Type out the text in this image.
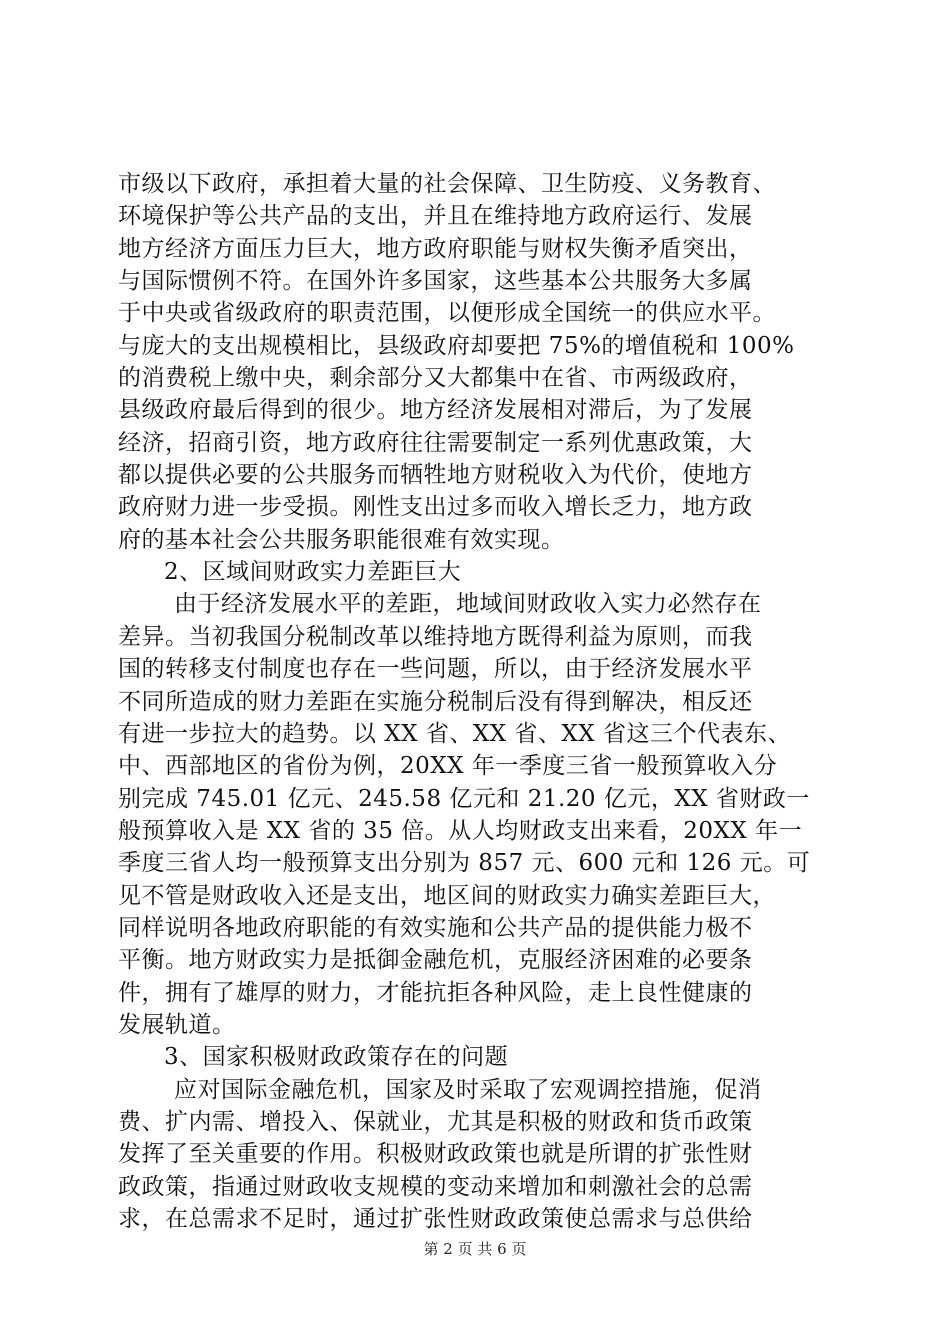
市级以下政府，承担着大量的社会保障、卫生防疫、义务教育、
环境保护等公共产品的支出，并且在维持地方政府运行、发展
地方经济方面压力巨大，地方政府职能与财权失衡矛盾突出，
与国际惯例不符。在国外许多国家，这些基本公共服务大多属
于中央或省级政府的职责范围，以便形成全国统一的供应水平。
与庞大的支出规模相比，县级政府却要把 75%的增值税和 100%
的消费税上缴中央，剩余部分又大都集中在省、市两级政府，
县级政府最后得到的很少。地方经济发展相对滞后，为了发展
经济，招商引资，地方政府往往需要制定一系列优惠政策，大
都以提供必要的公共服务而牺牲地方财税收入为代价，使地方
政府财力进一步受损。刚性支出过多而收入增长乏力，地方政
府的基本社会公共服务职能很难有效实现。
2、区域间财政实力差距巨大
由于经济发展水平的差距，地域间财政收入实力必然存在
差异。当初我国分税制改革以维持地方既得利益为原则，而我
国的转移支付制度也存在一些问题，所以，由于经济发展水平
不同所造成的财力差距在实施分税制后没有得到解决，相反还
有进一步拉大的趋势。以 XX 省、XX 省、XX 省这三个代表东、
中、西部地区的省份为例，20XX 年一季度三省一般预算收入分
别完成 745.01 亿元、245.58 亿元和 21.20 亿元，XX 省财政一
般预算收入是 XX 省的 35 倍。从人均财政支出来看，20XX 年一
季度三省人均一般预算支出分别为 857 元、600 元和 126 元。可
见不管是财政收入还是支出，地区间的财政实力确实差距巨大，
同样说明各地政府职能的有效实施和公共产品的提供能力极不
平衡。地方财政实力是抵御金融危机，克服经济困难的必要条
件，拥有了雄厚的财力，才能抗拒各种风险，走上良性健康的
发展轨道。
3、国家积极财政政策存在的问题
应对国际金融危机，国家及时采取了宏观调控措施，促消
费、扩内需、增投入、保就业，尤其是积极的财政和货币政策
发挥了至关重要的作用。积极财政政策也就是所谓的扩张性财
政政策，指通过财政收支规模的变动来增加和刺激社会的总需
求，在总需求不足时，通过扩张性财政政策使总需求与总供给
第 2 页 共 6 页
